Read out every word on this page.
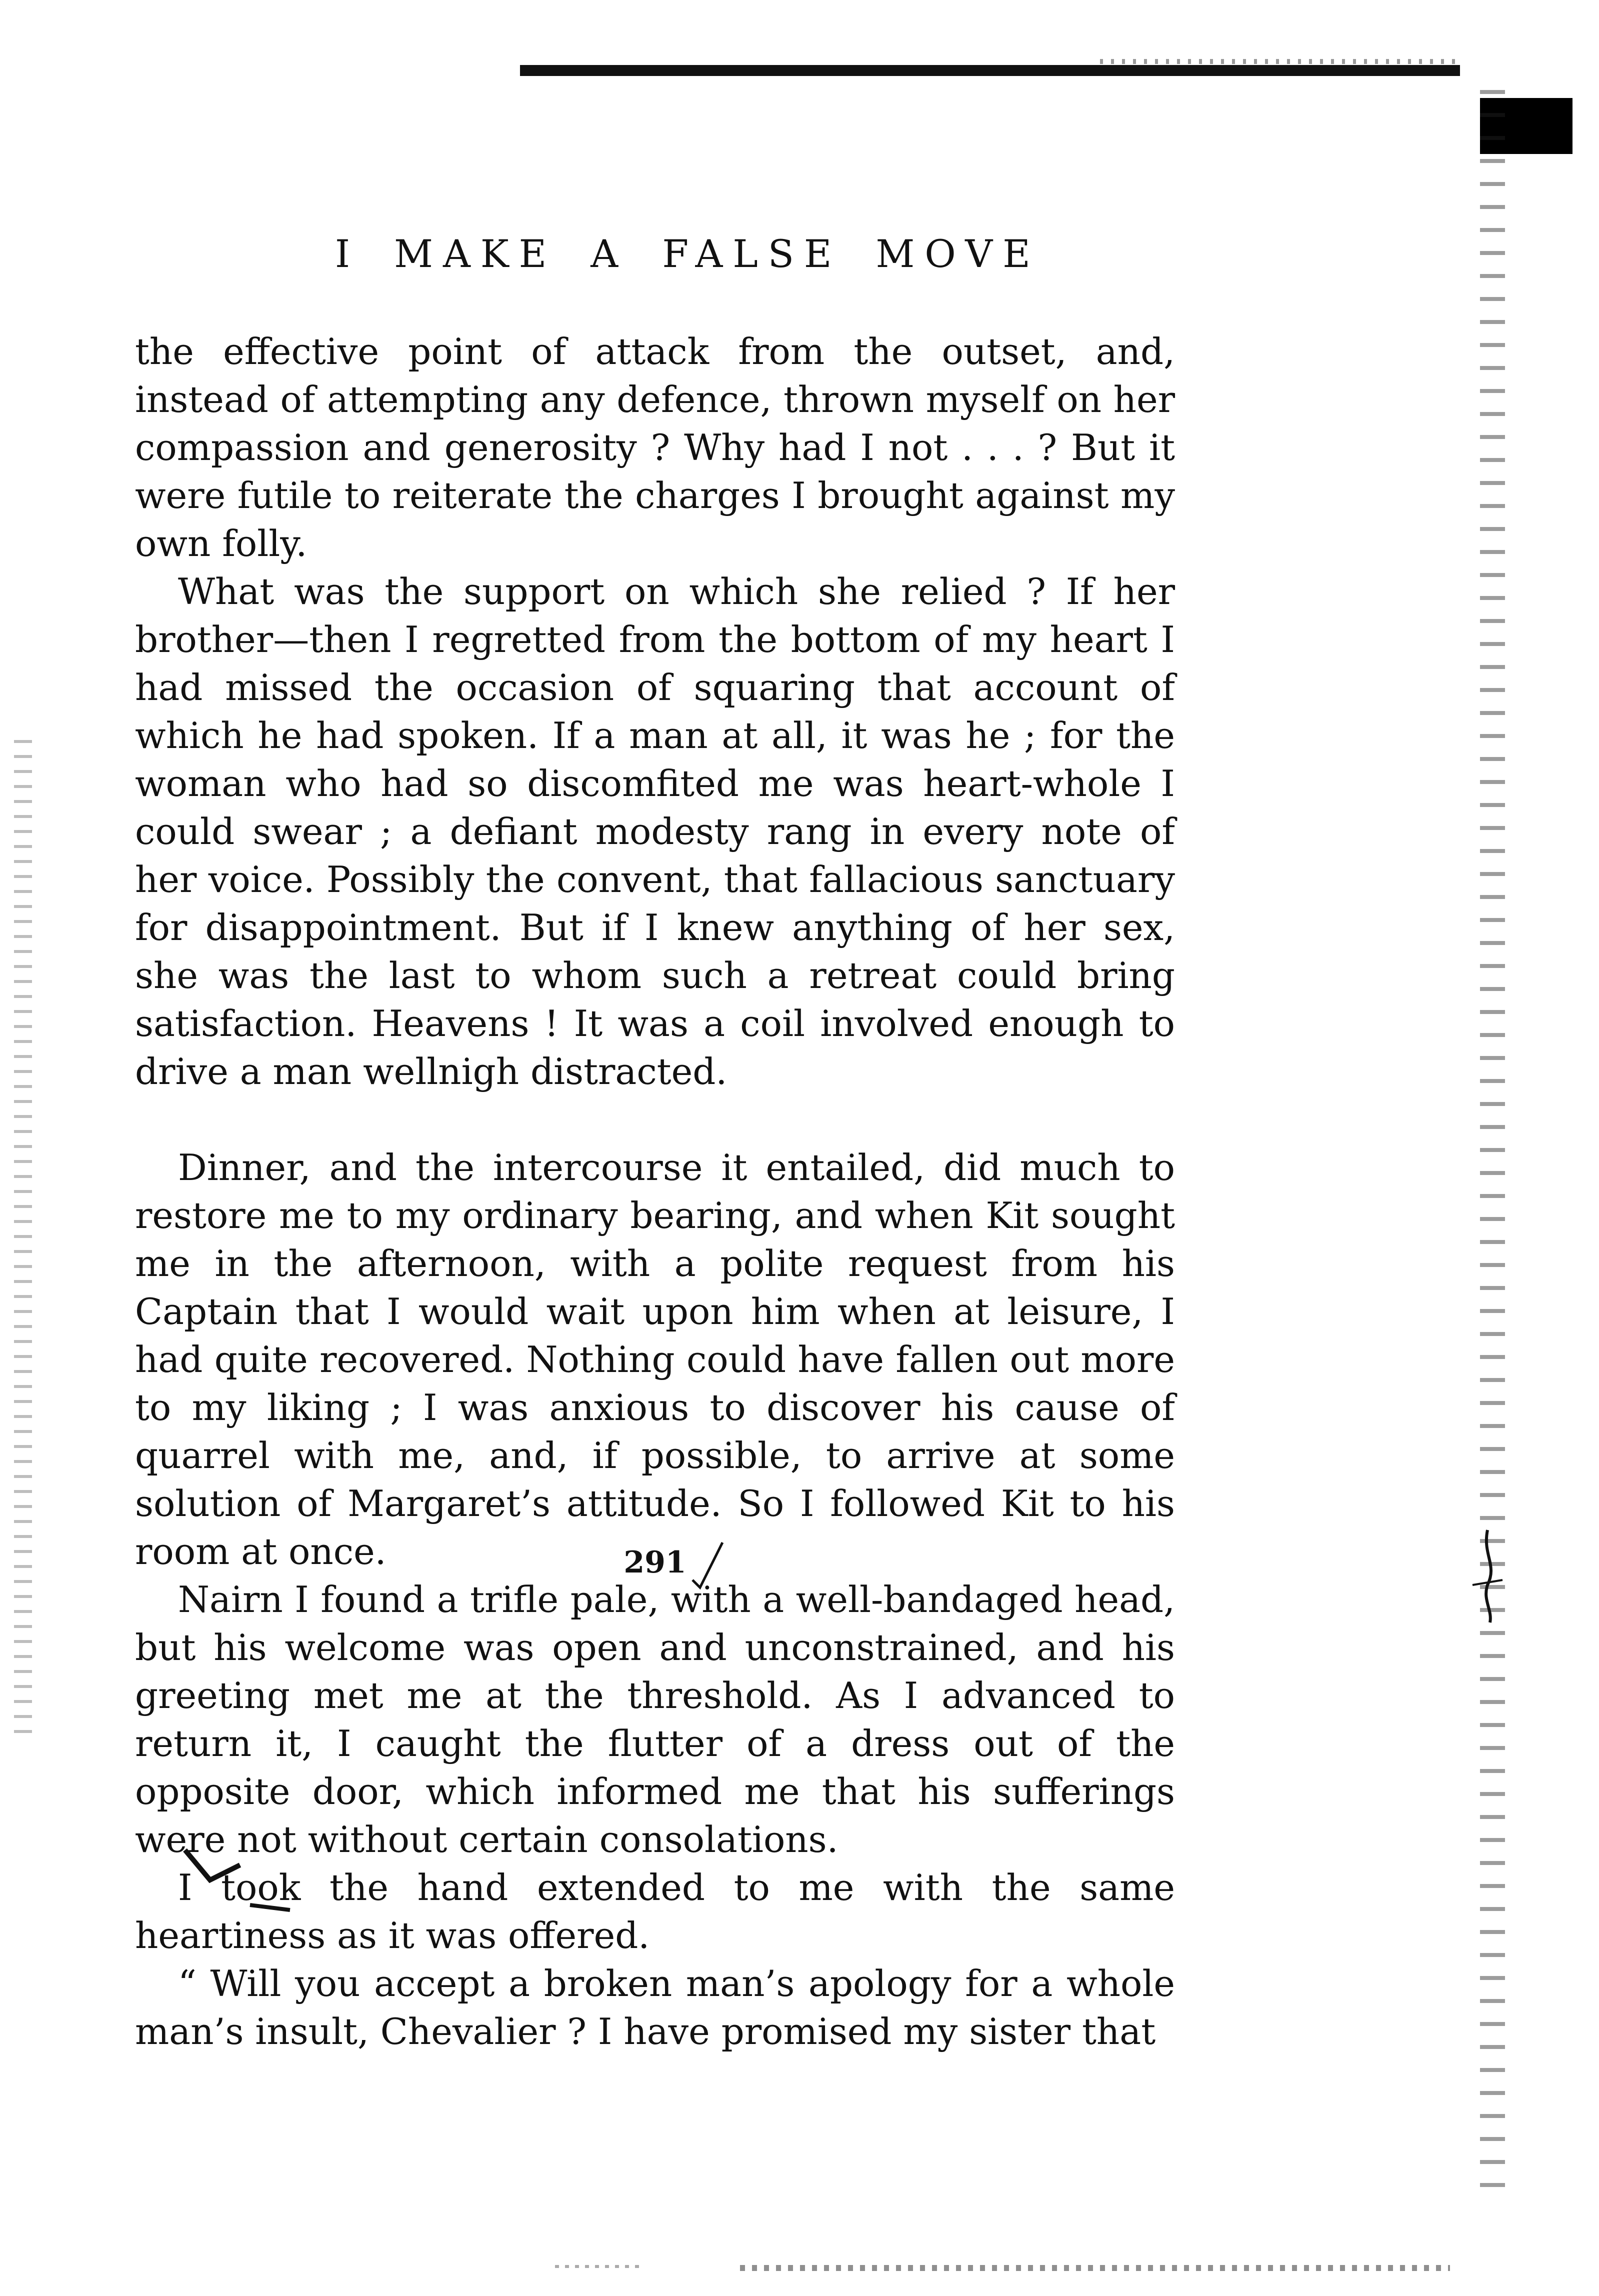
I MAKE A FALSE MOVE

the effective point of attack from the outset, and, instead of attempting any defence, thrown myself on her compassion and generosity ? Why had I not . . . ? But it were futile to reiterate the charges I brought against my own folly.

What was the support on which she relied ? If her brother—then I regretted from the bottom of my heart I had missed the occasion of squaring that account of which he had spoken. If a man at all, it was he ; for the woman who had so discomfited me was heart-whole I could swear ; a defiant modesty rang in every note of her voice. Possibly the convent, that fallacious sanctuary for disappointment. But if I knew anything of her sex, she was the last to whom such a retreat could bring satisfaction. Heavens ! It was a coil involved enough to drive a man wellnigh distracted.

Dinner, and the intercourse it entailed, did much to restore me to my ordinary bearing, and when Kit sought me in the afternoon, with a polite request from his Captain that I would wait upon him when at leisure, I had quite recovered. Nothing could have fallen out more to my liking ; I was anxious to discover his cause of quarrel with me, and, if possible, to arrive at some solution of Margaret’s attitude. So I followed Kit to his room at once.

Nairn I found a trifle pale, with a well-bandaged head, but his welcome was open and unconstrained, and his greeting met me at the threshold. As I advanced to return it, I caught the flutter of a dress out of the opposite door, which informed me that his sufferings were not without certain consolations.

I took the hand extended to me with the same heartiness as it was offered.

“ Will you accept a broken man’s apology for a whole man’s insult, Chevalier ? I have promised my sister that

291
